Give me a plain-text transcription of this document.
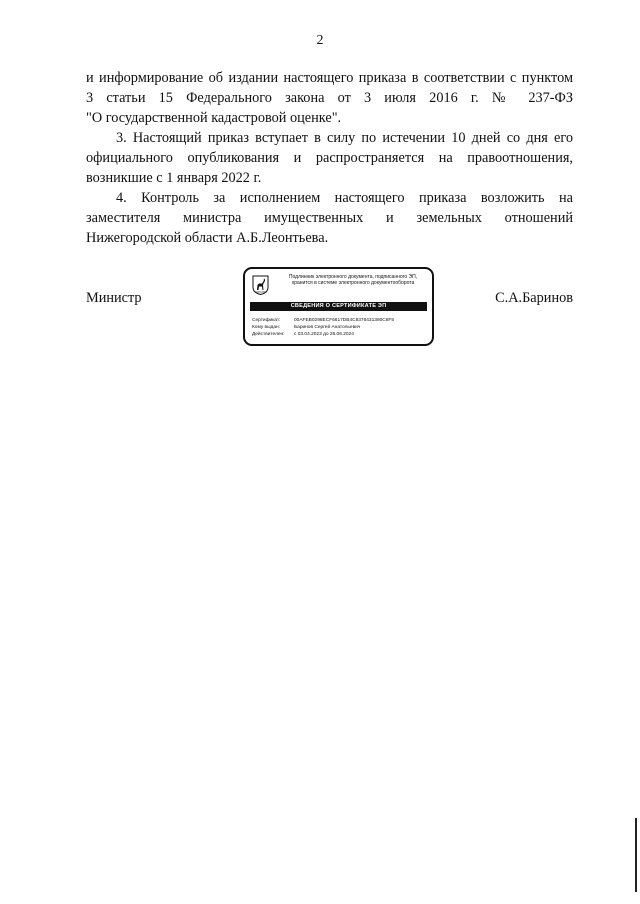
2
и информирование об издании настоящего приказа в соответствии с пунктом
3 статьи 15 Федерального закона от 3 июля 2016 г. № 237-ФЗ
"О государственной кадастровой оценке".
3. Настоящий приказ вступает в силу по истечении 10 дней со дня его
официального опубликования и распространяется на правоотношения,
возникшие с 1 января 2022 г.
4. Контроль за исполнением настоящего приказа возложить на
заместителя министра имущественных и земельных отношений
Нижегородской области А.Б.Леонтьева.
Министр	С.А.Баринов
Подлинник электронного документа, подписанного ЭП,
хранится в системе электронного документооборота
СВЕДЕНИЯ О СЕРТИФИКАТЕ ЭП
Сертификат:	00AFEB0298ECF6617DB4C8376431380C6F5
Кому выдан:	Баринов Сергей Анатольевич
Действителен: с 03.04.2023 до 26.06.2024
